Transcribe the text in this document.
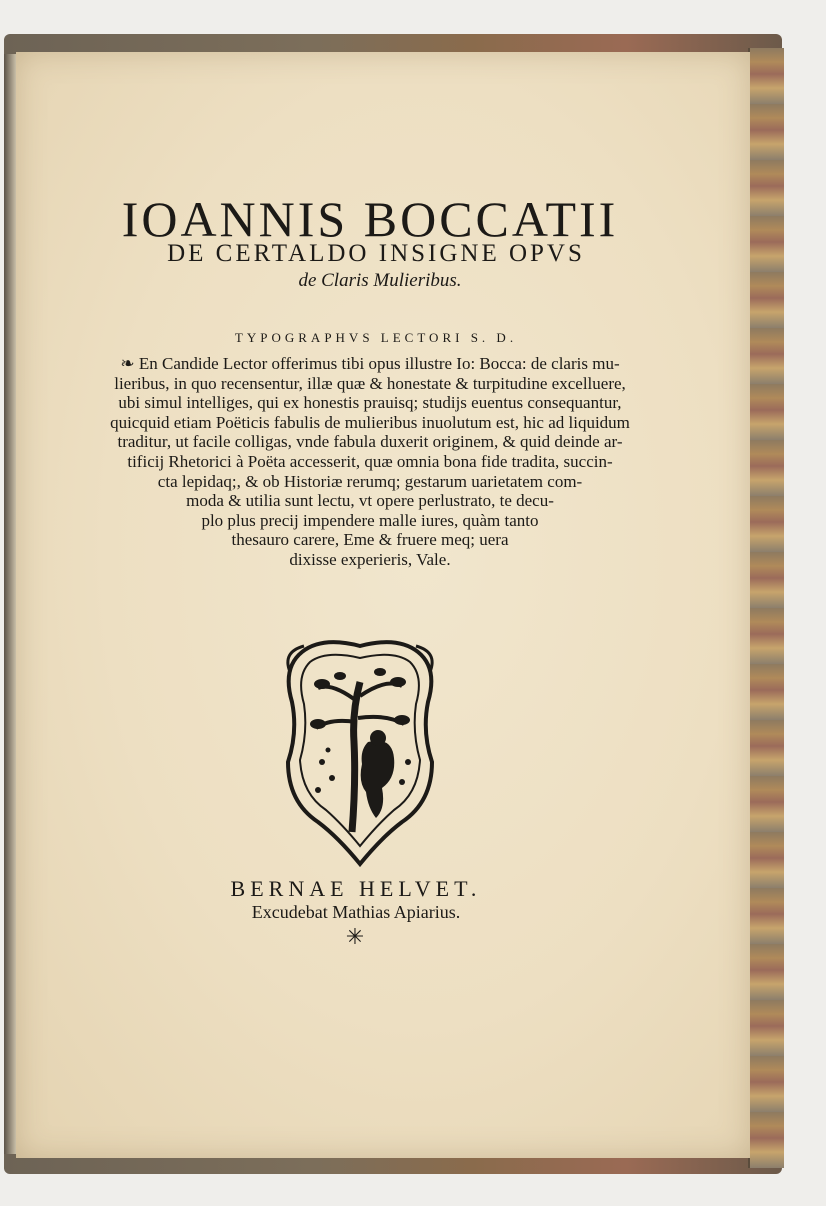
IOANNIS BOCCATII
DE CERTALDO INSIGNE OPVS
de Claris Mulieribus.
TYPOGRAPHVS LECTORI S. D.
❧ En Candide Lector offerimus tibi opus illustre Io: Bocca: de claris mu-
lieribus, in quo recensentur, illæ quæ & honestate & turpitudine excelluere,
ubi simul intelliges, qui ex honestis prauisq; studijs euentus consequantur,
quicquid etiam Poëticis fabulis de mulieribus inuolutum est, hic ad liquidum
traditur, ut facile colligas, vnde fabula duxerit originem, & quid deinde ar-
tificij Rhetorici à Poëta accesserit, quæ omnia bona fide tradita, succin-
cta lepidaq;, & ob Historiæ rerumq; gestarum uarietatem com-
moda & utilia sunt lectu, vt opere perlustrato, te decu-
plo plus precij impendere malle iures, quàm tanto
thesauro carere, Eme & fruere meq; uera
dixisse experieris, Vale.
BERNAE HELVET.
Excudebat Mathias Apiarius.
✳
